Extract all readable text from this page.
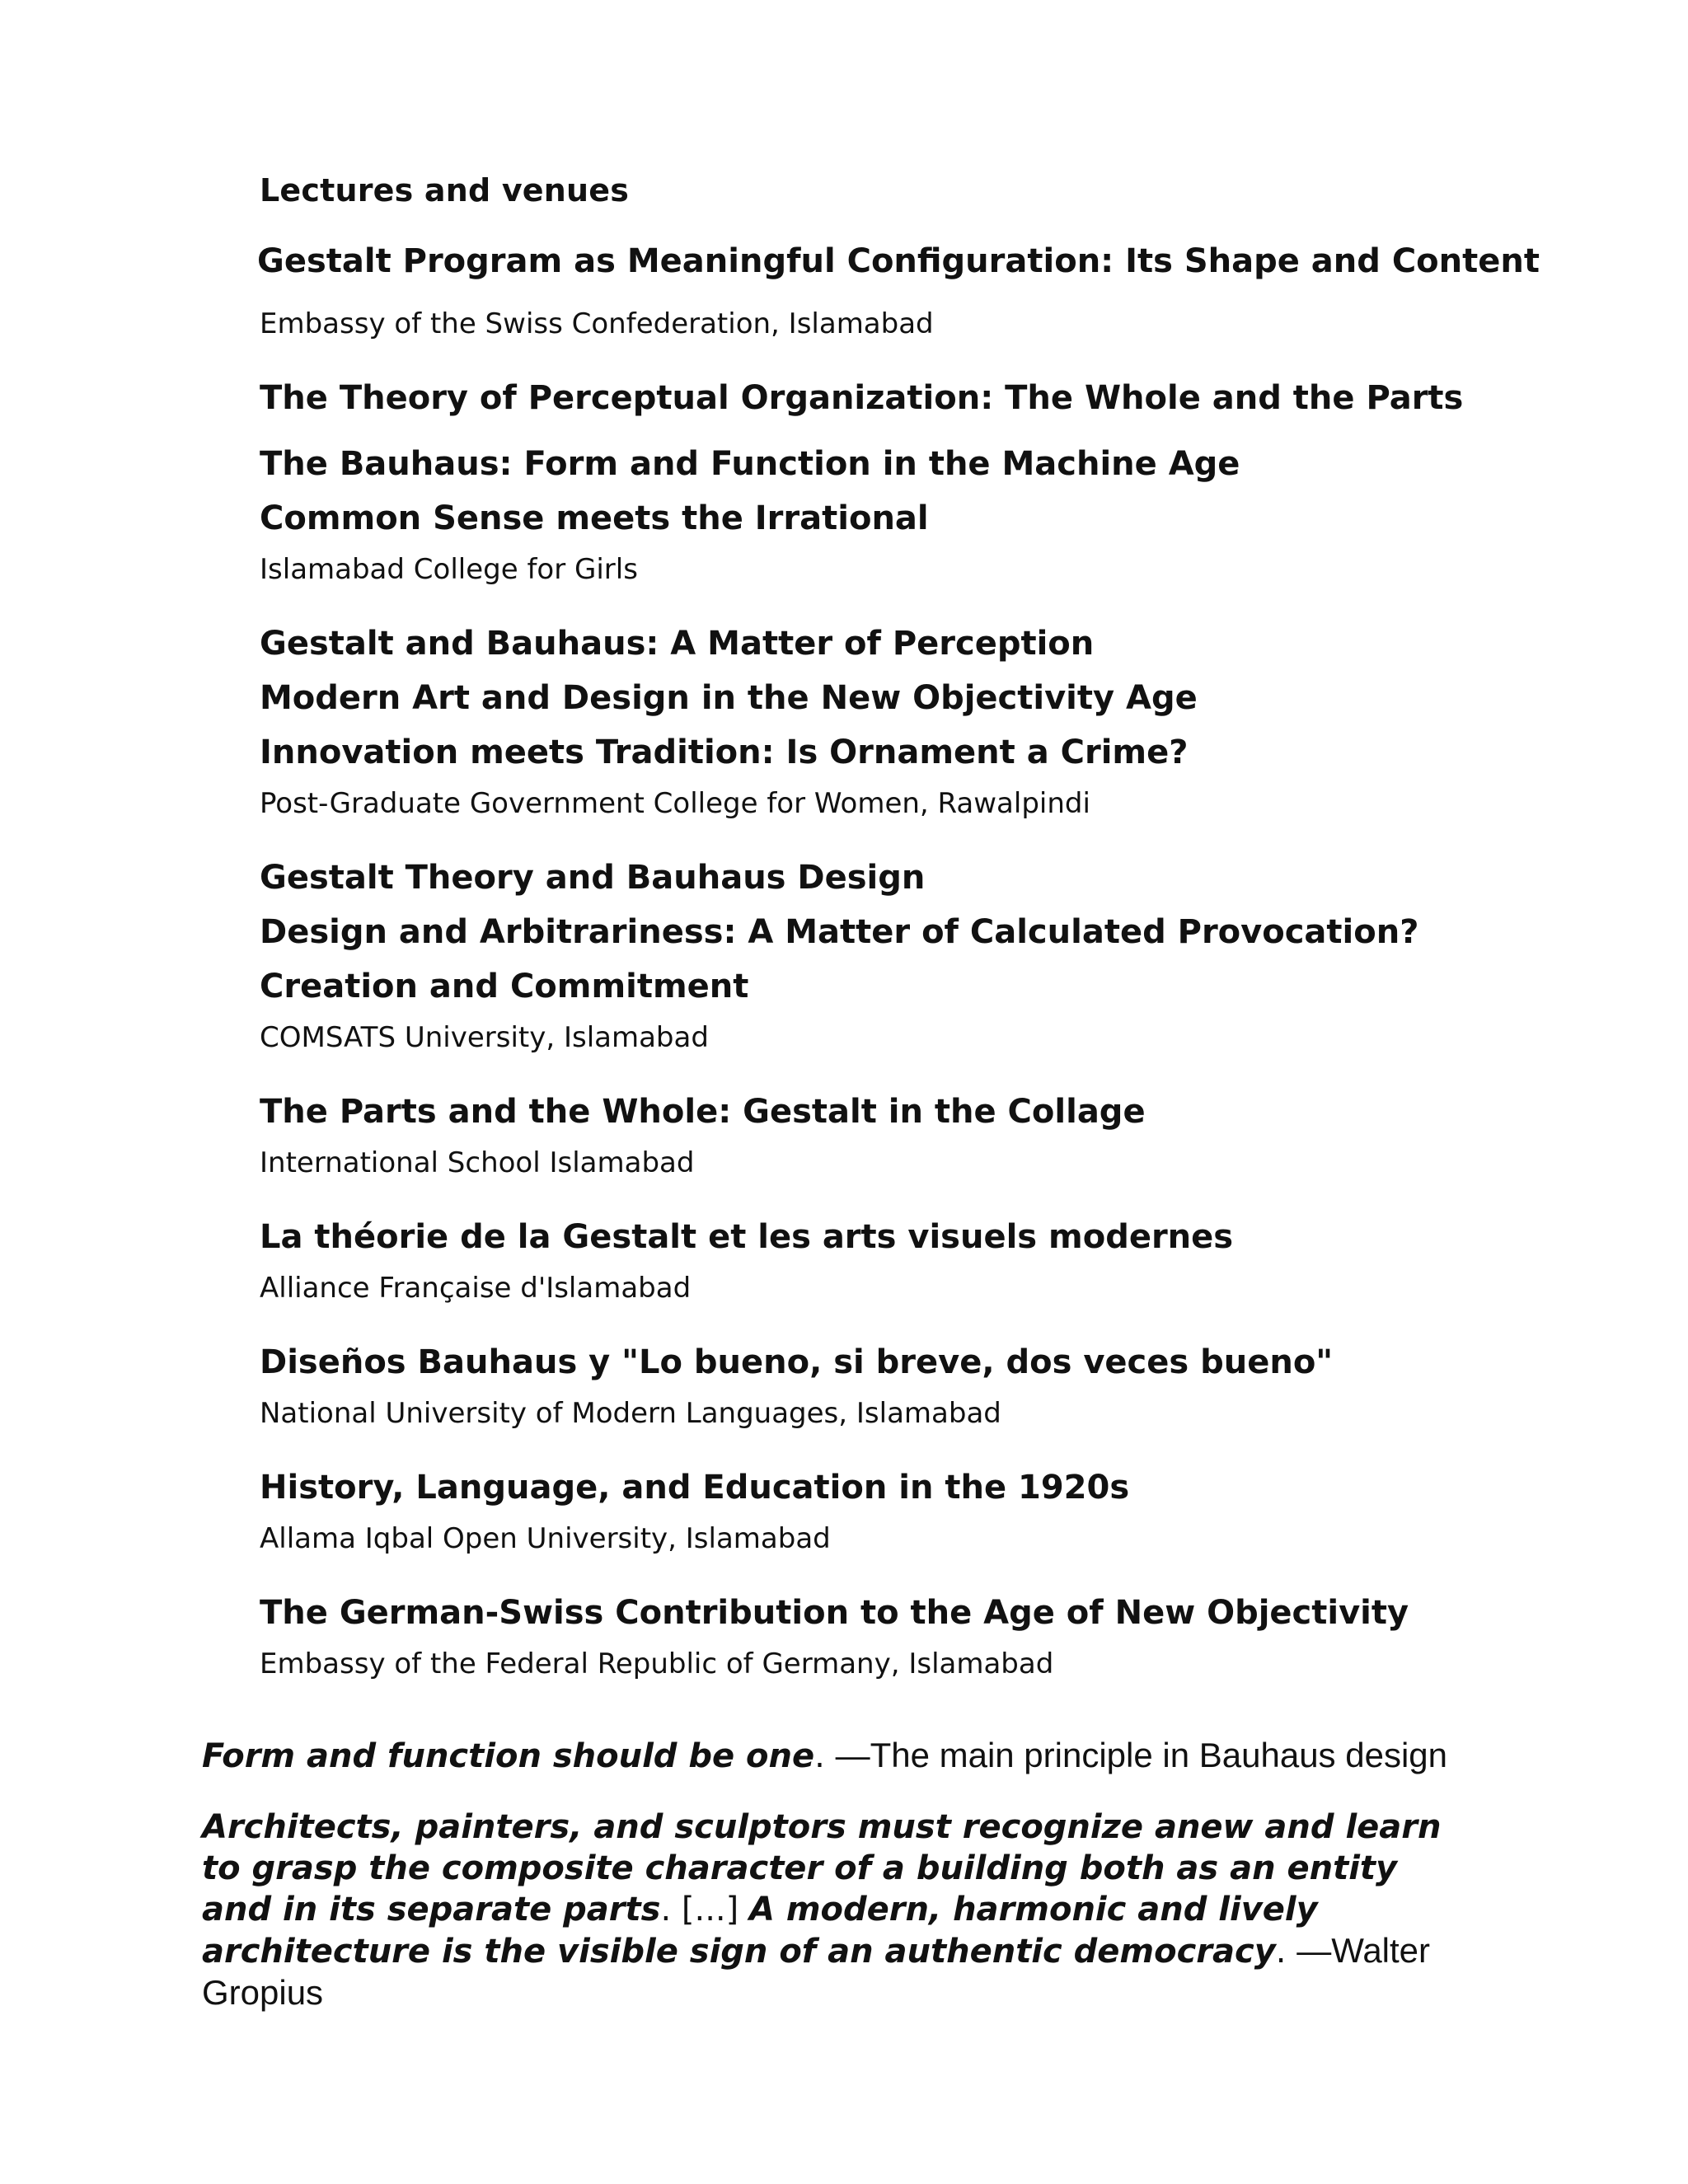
Lectures and venues
Gestalt Program as Meaningful Configuration: Its Shape and Content
Embassy of the Swiss Confederation, Islamabad
The Theory of Perceptual Organization: The Whole and the Parts
The Bauhaus: Form and Function in the Machine Age
Common Sense meets the Irrational
Islamabad College for Girls
Gestalt and Bauhaus: A Matter of Perception
Modern Art and Design in the New Objectivity Age
Innovation meets Tradition: Is Ornament a Crime?
Post-Graduate Government College for Women, Rawalpindi
Gestalt Theory and Bauhaus Design
Design and Arbitrariness: A Matter of Calculated Provocation?
Creation and Commitment
COMSATS University, Islamabad
The Parts and the Whole: Gestalt in the Collage
International School Islamabad
La théorie de la Gestalt et les arts visuels modernes
Alliance Française d'Islamabad
Diseños Bauhaus y "Lo bueno, si breve, dos veces bueno"
National University of Modern Languages, Islamabad
History, Language, and Education in the 1920s
Allama Iqbal Open University, Islamabad
The German-Swiss Contribution to the Age of New Objectivity
Embassy of the Federal Republic of Germany, Islamabad

Form and function should be one. —The main principle in Bauhaus design

Architects, painters, and sculptors must recognize anew and learn to grasp the composite character of a building both as an entity and in its separate parts. [...] A modern, harmonic and lively architecture is the visible sign of an authentic democracy. —Walter Gropius
